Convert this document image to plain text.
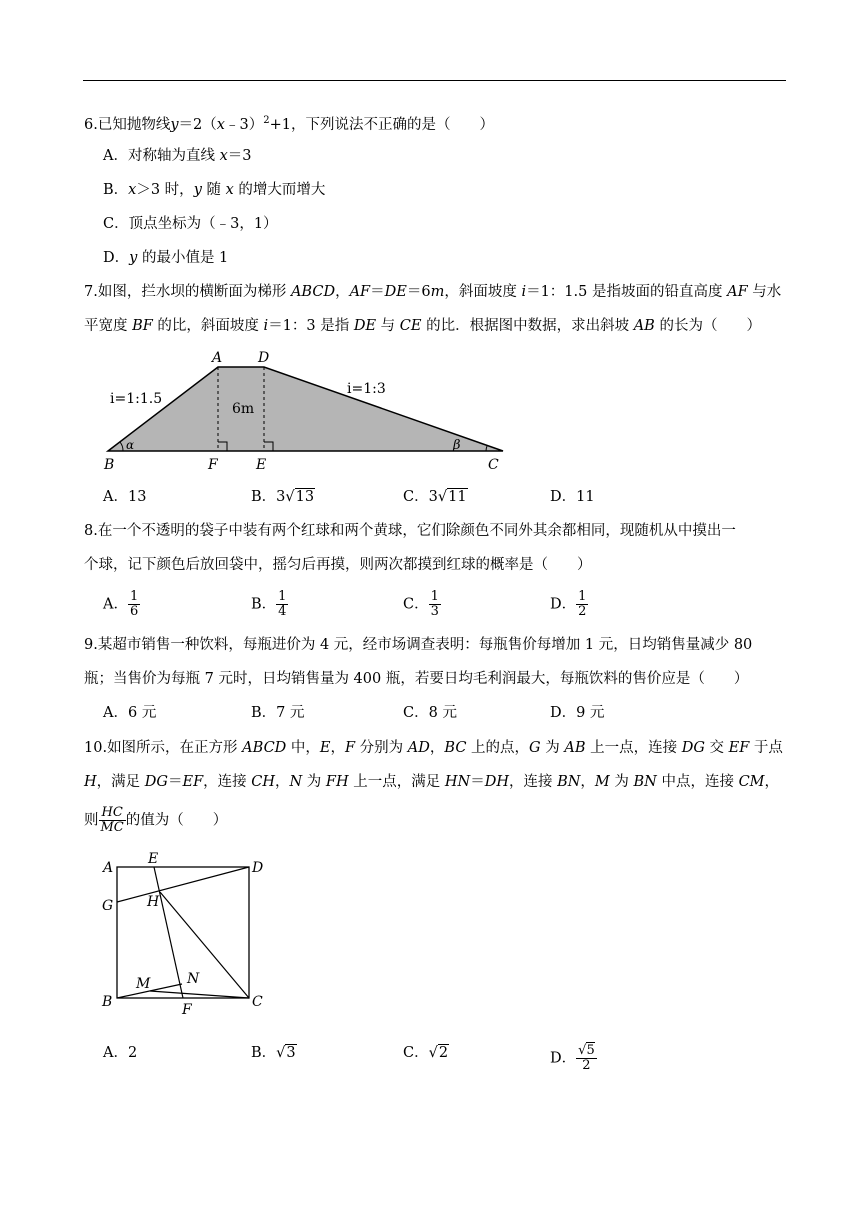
6.已知抛物线y＝2（x﹣3）$^2$+1，下列说法不正确的是（　　）
A．对称轴为直线 x＝3
B．x＞3 时，y 随 x 的增大而增大
C．顶点坐标为（﹣3，1）
D．y 的最小值是 1
7.如图，拦水坝的横断面为梯形 ABCD，AF＝DE＝6m，斜面坡度 i＝1：1.5 是指坡面的铅直高度 AF 与水
平宽度 BF 的比，斜面坡度 i＝1：3 是指 DE 与 CE 的比．根据图中数据，求出斜坡 AB 的长为（　　）
A	D
B	F	E	C
i=1:1.5
i=1:3
6m
α	β
A．13	B．3√13	C．3√11	D．11
8.在一个不透明的袋子中装有两个红球和两个黄球，它们除颜色不同外其余都相同，现随机从中摸出一
个球，记下颜色后放回袋中，摇匀后再摸，则两次都摸到红球的概率是（　　）
A． $\frac{1}{6}$	B． $\frac{1}{4}$	C． $\frac{1}{3}$	D． $\frac{1}{2}$
9.某超市销售一种饮料，每瓶进价为 4 元，经市场调查表明：每瓶售价每增加 1 元，日均销售量减少 80
瓶；当售价为每瓶 7 元时，日均销售量为 400 瓶，若要日均毛利润最大，每瓶饮料的售价应是（　　）
A．6 元	B．7 元	C．8 元	D．9 元
10.如图所示，在正方形 ABCD 中，E，F 分别为 AD，BC 上的点，G 为 AB 上一点，连接 DG 交 EF 于点
H，满足 DG＝EF，连接 CH，N 为 FH 上一点，满足 HN＝DH，连接 BN，M 为 BN 中点，连接 CM，
则 $\frac{HC}{MC}$ 的值为（　　）
A
E
D
G H
M	N
B	F	C
A．2	B．√3	C．√2	D． $\frac{√5}{2}$
